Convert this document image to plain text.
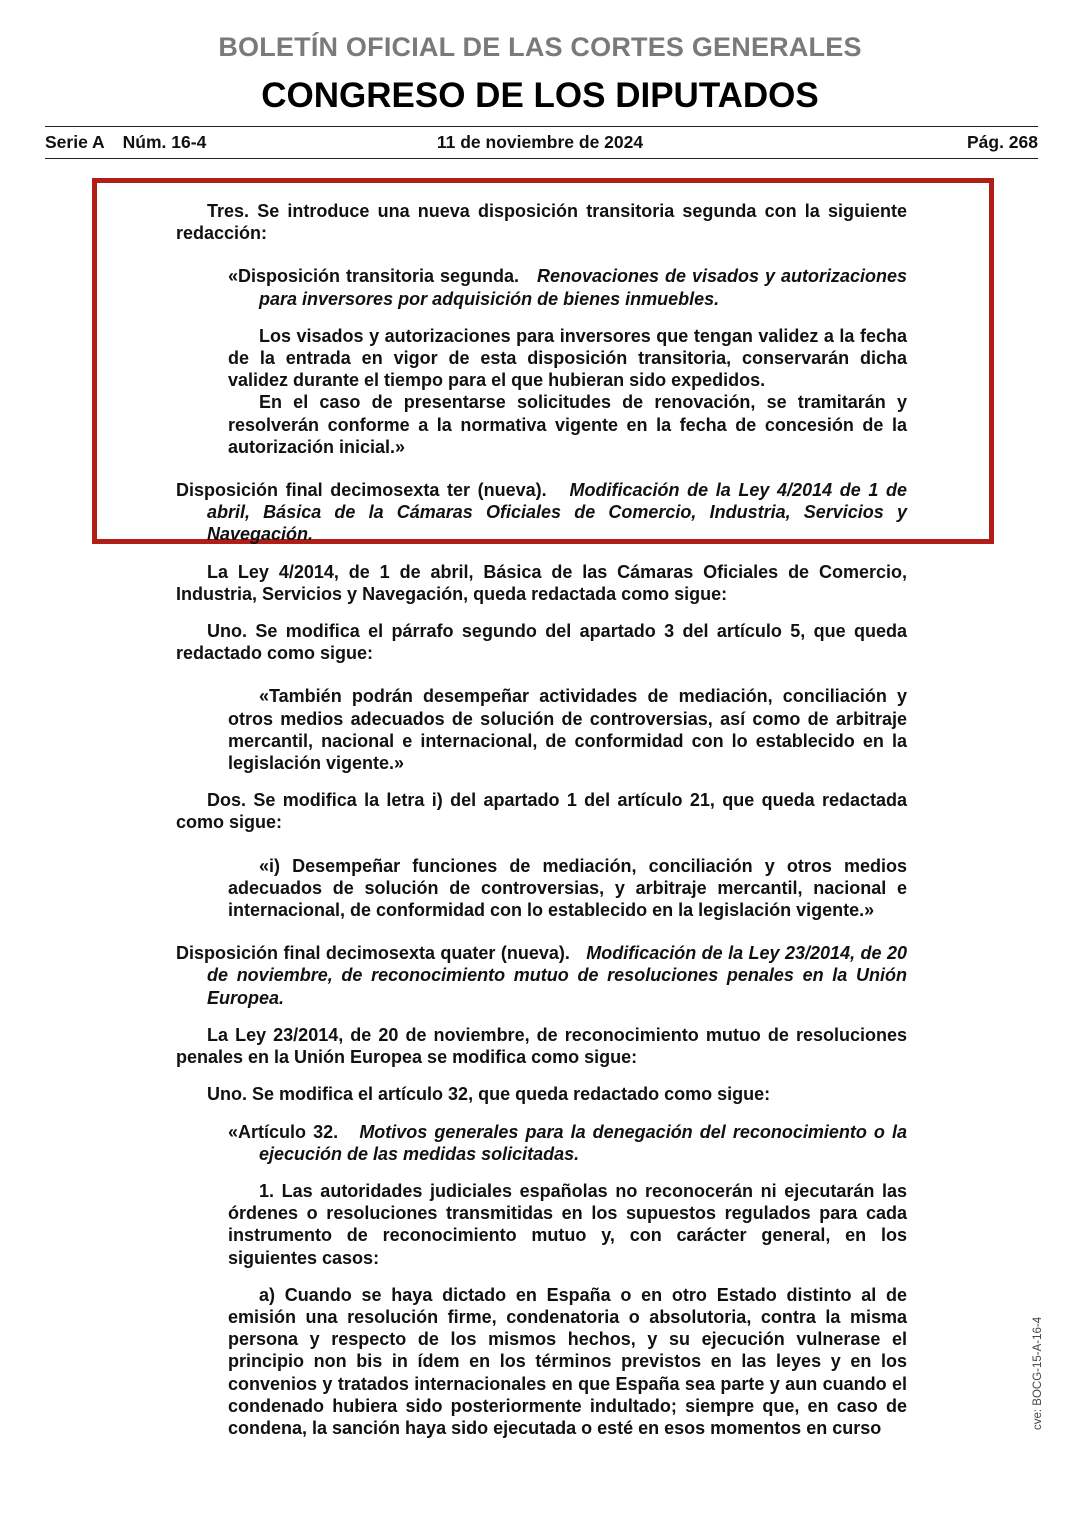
BOLETÍN OFICIAL DE LAS CORTES GENERALES
CONGRESO DE LOS DIPUTADOS
Serie A Núm. 16-4	11 de noviembre de 2024	Pág. 268

Tres. Se introduce una nueva disposición transitoria segunda con la siguiente redacción:

«Disposición transitoria segunda. Renovaciones de visados y autorizaciones para inversores por adquisición de bienes inmuebles.

Los visados y autorizaciones para inversores que tengan validez a la fecha de la entrada en vigor de esta disposición transitoria, conservarán dicha validez durante el tiempo para el que hubieran sido expedidos.

En el caso de presentarse solicitudes de renovación, se tramitarán y resolverán conforme a la normativa vigente en la fecha de concesión de la autorización inicial.»

Disposición final decimosexta ter (nueva). Modificación de la Ley 4/2014 de 1 de abril, Básica de la Cámaras Oficiales de Comercio, Industria, Servicios y Navegación.

La Ley 4/2014, de 1 de abril, Básica de las Cámaras Oficiales de Comercio, Industria, Servicios y Navegación, queda redactada como sigue:

Uno. Se modifica el párrafo segundo del apartado 3 del artículo 5, que queda redactado como sigue:

«También podrán desempeñar actividades de mediación, conciliación y otros medios adecuados de solución de controversias, así como de arbitraje mercantil, nacional e internacional, de conformidad con lo establecido en la legislación vigente.»

Dos. Se modifica la letra i) del apartado 1 del artículo 21, que queda redactada como sigue:

«i) Desempeñar funciones de mediación, conciliación y otros medios adecuados de solución de controversias, y arbitraje mercantil, nacional e internacional, de conformidad con lo establecido en la legislación vigente.»

Disposición final decimosexta quater (nueva). Modificación de la Ley 23/2014, de 20 de noviembre, de reconocimiento mutuo de resoluciones penales en la Unión Europea.

La Ley 23/2014, de 20 de noviembre, de reconocimiento mutuo de resoluciones penales en la Unión Europea se modifica como sigue:

Uno. Se modifica el artículo 32, que queda redactado como sigue:

«Artículo 32. Motivos generales para la denegación del reconocimiento o la ejecución de las medidas solicitadas.

1. Las autoridades judiciales españolas no reconocerán ni ejecutarán las órdenes o resoluciones transmitidas en los supuestos regulados para cada instrumento de reconocimiento mutuo y, con carácter general, en los siguientes casos:

a) Cuando se haya dictado en España o en otro Estado distinto al de emisión una resolución firme, condenatoria o absolutoria, contra la misma persona y respecto de los mismos hechos, y su ejecución vulnerase el principio non bis in ídem en los términos previstos en las leyes y en los convenios y tratados internacionales en que España sea parte y aun cuando el condenado hubiera sido posteriormente indultado; siempre que, en caso de condena, la sanción haya sido ejecutada o esté en esos momentos en curso	cve: BOCG-15-A-16-4
